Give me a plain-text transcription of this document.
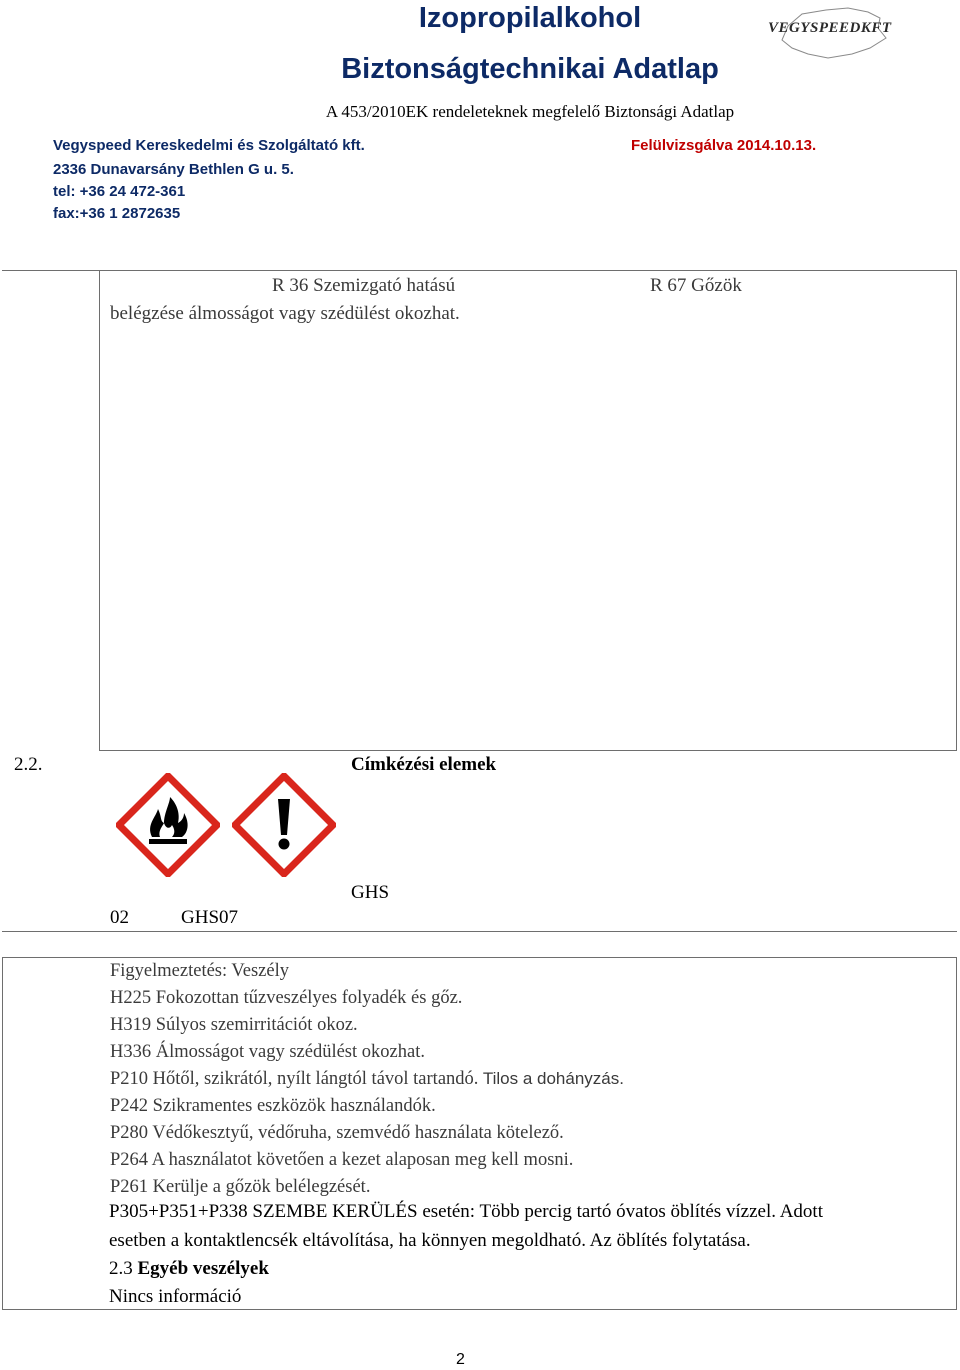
Izopropilalkohol
Biztonságtechnikai Adatlap
A 453/2010EK rendeleteknek megfelelő Biztonsági Adatlap
VEGYSPEEDKFT
Vegyspeed Kereskedelmi és Szolgáltató kft.
2336 Dunavarsány Bethlen G u. 5.
tel: +36 24 472-361
fax:+36 1 2872635
Felülvizsgálva 2014.10.13.
R 36 Szemizgató hatású
belégzése álmosságot vagy szédülést okozhat.
R 67 Gőzök
2.2.	Címkézési elemek
GHS
02	GHS07
Figyelmeztetés: Veszély
H225 Fokozottan tűzveszélyes folyadék és gőz.
H319 Súlyos szemirritációt okoz.
H336 Álmosságot vagy szédülést okozhat.
P210 Hőtől, szikrától, nyílt lángtól távol tartandó. Tilos a dohányzás.
P242 Szikramentes eszközök használandók.
P280 Védőkesztyű, védőruha, szemvédő használata kötelező.
P264 A használatot követően a kezet alaposan meg kell mosni.
P261 Kerülje a gőzök belélegzését.
P305+P351+P338 SZEMBE KERÜLÉS esetén: Több percig tartó óvatos öblítés vízzel. Adott
esetben a kontaktlencsék eltávolítása, ha könnyen megoldható. Az öblítés folytatása.
2.3 Egyéb veszélyek
Nincs információ
2
